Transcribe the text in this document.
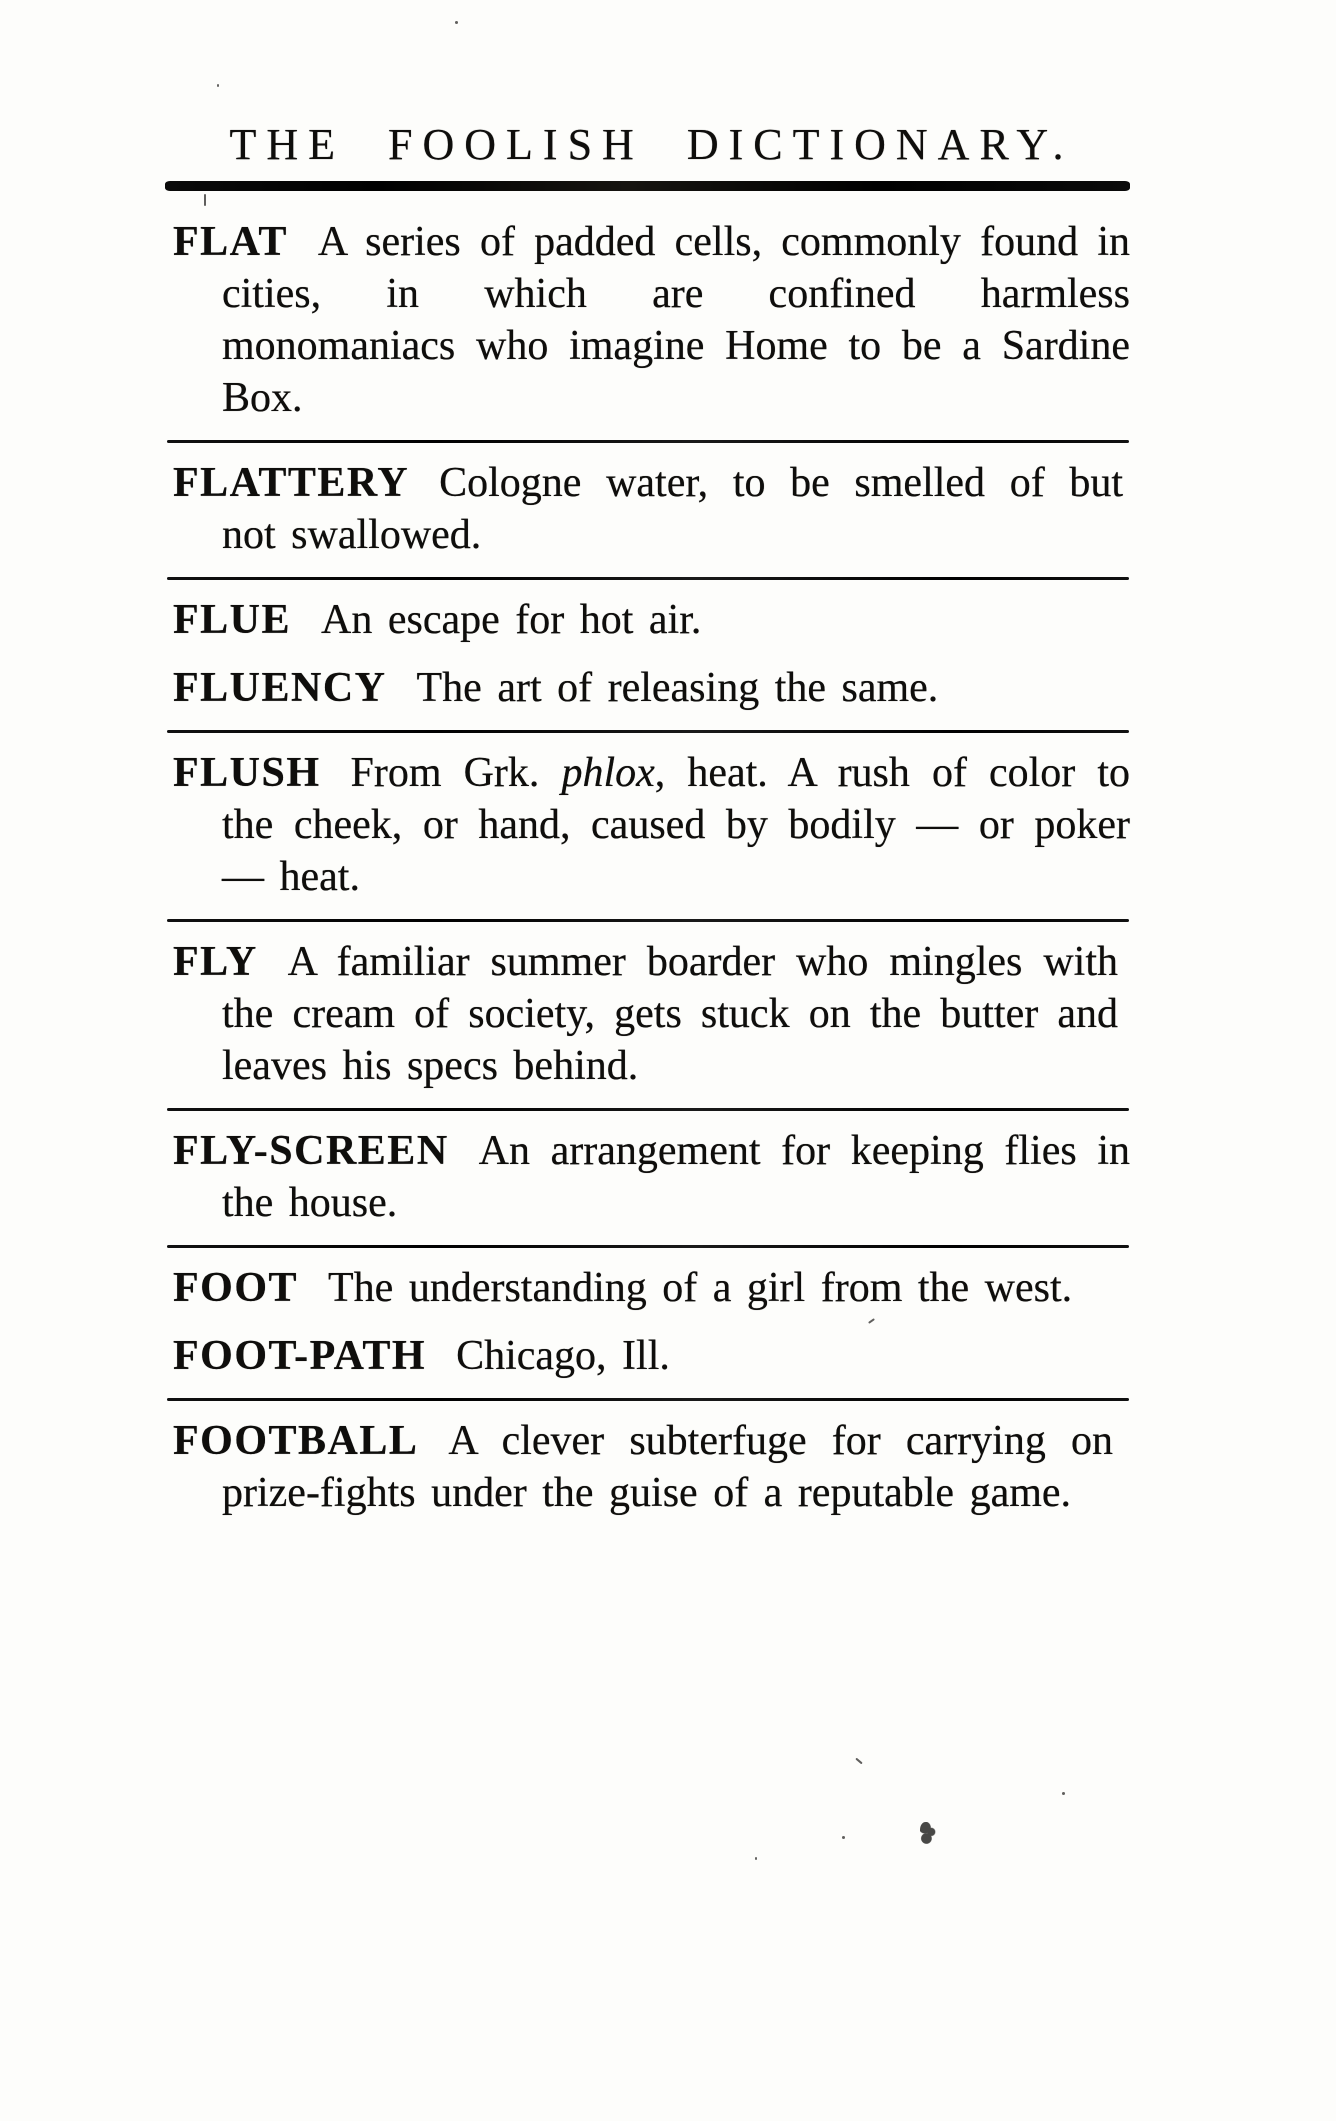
THE FOOLISH DICTIONARY.

FLAT A series of padded cells, commonly found in cities, in which are confined harmless monomaniacs who imagine Home to be a Sardine Box.

FLATTERY Cologne water, to be smelled of but not swallowed.

FLUE An escape for hot air.

FLUENCY The art of releasing the same.

FLUSH From Grk. phlox, heat. A rush of color to the cheek, or hand, caused by bodily — or poker — heat.

FLY A familiar summer boarder who mingles with the cream of society, gets stuck on the butter and leaves his specs behind.

FLY-SCREEN An arrangement for keeping flies in the house.

FOOT The understanding of a girl from the west.

FOOT-PATH Chicago, Ill.

FOOTBALL A clever subterfuge for carrying on prize-fights under the guise of a reputable game.
